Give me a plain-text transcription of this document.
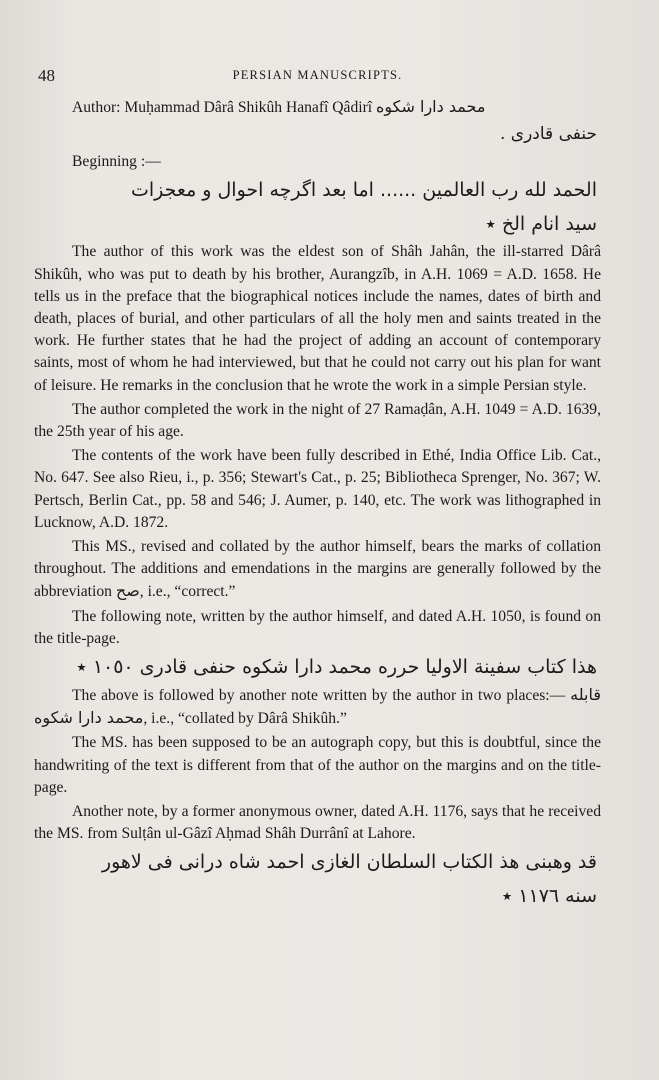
48	PERSIAN MANUSCRIPTS.

Author: Muḥammad Dârâ Shikûh Hanafî Qâdirî محمد دارا شکوه

حنفی قادری .

Beginning :—

الحمد لله رب العالمين ...... اما بعد اگرچه احوال و معجزات
سید انام الخ ٭

The author of this work was the eldest son of Shâh Jahân, the ill-starred Dârâ Shikûh, who was put to death by his brother, Aurangzîb, in A.H. 1069 = A.D. 1658. He tells us in the preface that the biographical notices include the names, dates of birth and death, places of burial, and other particulars of all the holy men and saints treated in the work. He further states that he had the project of adding an account of contemporary saints, most of whom he had interviewed, but that he could not carry out his plan for want of leisure. He remarks in the conclusion that he wrote the work in a simple Persian style.

The author completed the work in the night of 27 Ramaḍân, A.H. 1049 = A.D. 1639, the 25th year of his age.

The contents of the work have been fully described in Ethé, India Office Lib. Cat., No. 647. See also Rieu, i., p. 356; Stewart's Cat., p. 25; Bibliotheca Sprenger, No. 367; W. Pertsch, Berlin Cat., pp. 58 and 546; J. Aumer, p. 140, etc. The work was lithographed in Lucknow, A.D. 1872.

This MS., revised and collated by the author himself, bears the marks of collation throughout. The additions and emendations in the margins are generally followed by the abbreviation صح, i.e., “correct.”

The following note, written by the author himself, and dated A.H. 1050, is found on the title-page.

هذا کتاب سفینة الاولیا حرره محمد دارا شکوه حنفی قادری ١٠٥٠ ٭

The above is followed by another note written by the author in two places:— قابله محمد دارا شکوه, i.e., “collated by Dârâ Shikûh.”

The MS. has been supposed to be an autograph copy, but this is doubtful, since the handwriting of the text is different from that of the author on the margins and on the title-page.

Another note, by a former anonymous owner, dated A.H. 1176, says that he received the MS. from Sulṭân ul-Gâzî Aḥmad Shâh Durrânî at Lahore.

قد وهبنی هذ الکتاب السلطان الغازی احمد شاه درانی فی لاهور
سنه ١١٧٦ ٭
